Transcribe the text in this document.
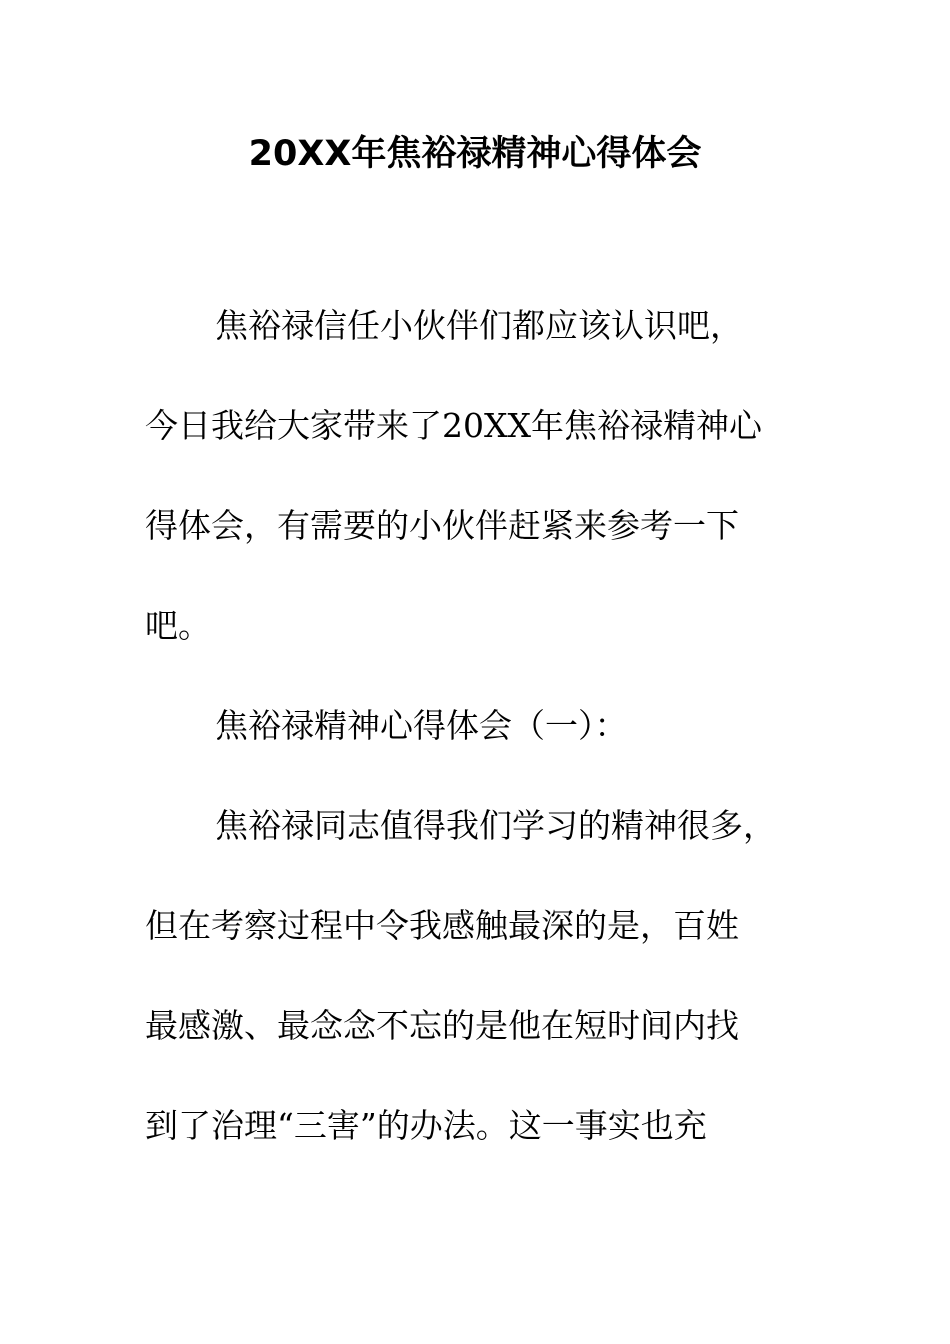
20XX年焦裕禄精神心得体会

焦裕禄信任小伙伴们都应该认识吧，

今日我给大家带来了20XX年焦裕禄精神心

得体会，有需要的小伙伴赶紧来参考一下

吧。

焦裕禄精神心得体会（一）：

焦裕禄同志值得我们学习的精神很多，

但在考察过程中令我感触最深的是，百姓

最感激、最念念不忘的是他在短时间内找

到了治理“三害”的办法。这一事实也充
